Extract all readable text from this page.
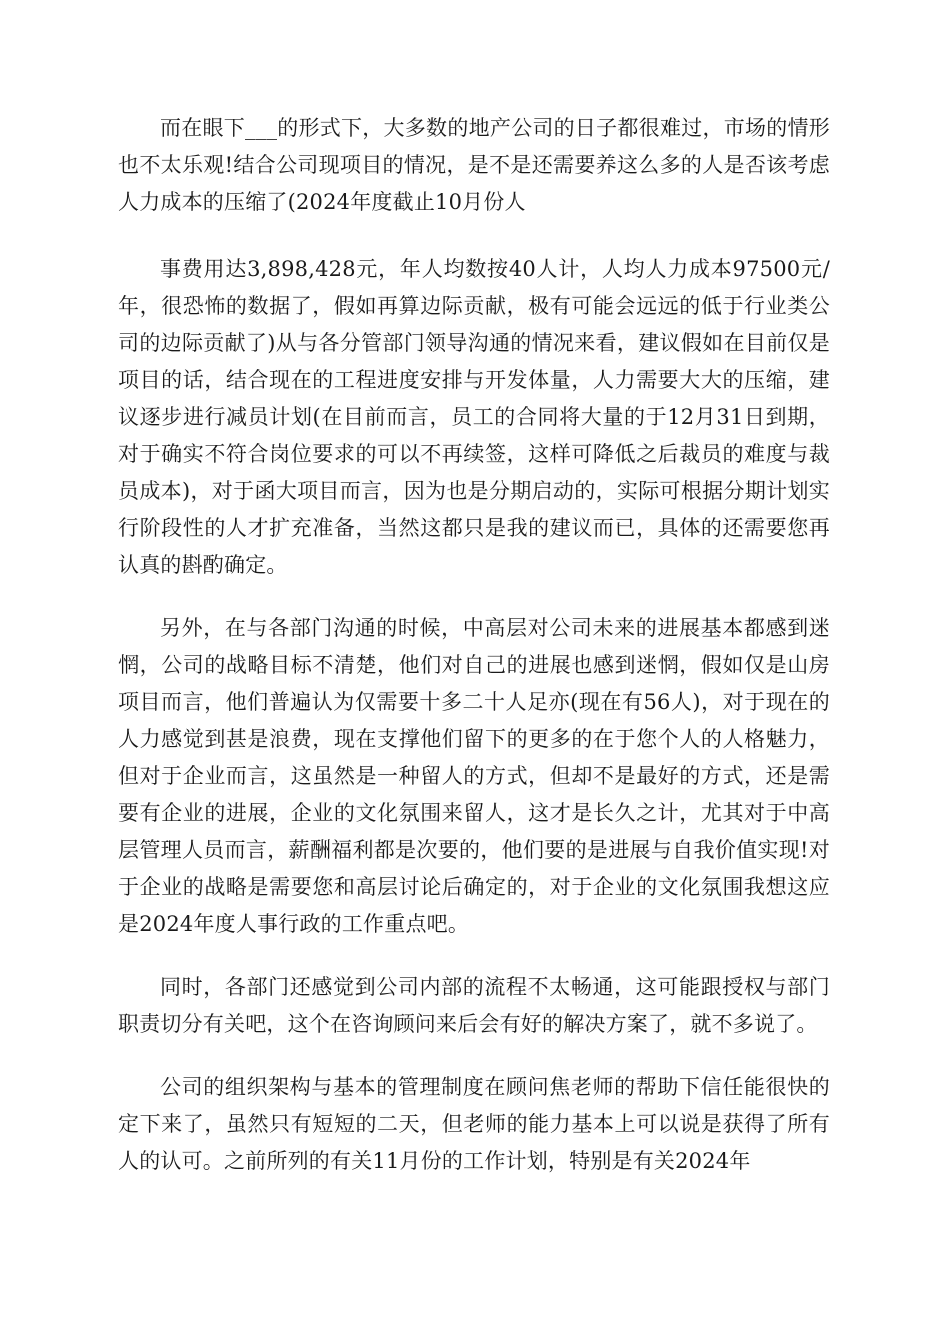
而在眼下___的形式下，大多数的地产公司的日子都很难过，市场的情形也不太乐观!结合公司现项目的情况，是不是还需要养这么多的人是否该考虑人力成本的压缩了(2024年度截止10月份人

事费用达3,898,428元，年人均数按40人计，人均人力成本97500元/年，很恐怖的数据了，假如再算边际贡献，极有可能会远远的低于行业类公司的边际贡献了)从与各分管部门领导沟通的情况来看，建议假如在目前仅是项目的话，结合现在的工程进度安排与开发体量，人力需要大大的压缩，建议逐步进行减员计划(在目前而言，员工的合同将大量的于12月31日到期，对于确实不符合岗位要求的可以不再续签，这样可降低之后裁员的难度与裁员成本)，对于函大项目而言，因为也是分期启动的，实际可根据分期计划实行阶段性的人才扩充准备，当然这都只是我的建议而已，具体的还需要您再认真的斟酌确定。

另外，在与各部门沟通的时候，中高层对公司未来的进展基本都感到迷惘，公司的战略目标不清楚，他们对自己的进展也感到迷惘，假如仅是山房项目而言，他们普遍认为仅需要十多二十人足亦(现在有56人)，对于现在的人力感觉到甚是浪费，现在支撑他们留下的更多的在于您个人的人格魅力，但对于企业而言，这虽然是一种留人的方式，但却不是最好的方式，还是需要有企业的进展，企业的文化氛围来留人，这才是长久之计，尤其对于中高层管理人员而言，薪酬福利都是次要的，他们要的是进展与自我价值实现!对于企业的战略是需要您和高层讨论后确定的，对于企业的文化氛围我想这应是2024年度人事行政的工作重点吧。

同时，各部门还感觉到公司内部的流程不太畅通，这可能跟授权与部门职责切分有关吧，这个在咨询顾问来后会有好的解决方案了，就不多说了。

公司的组织架构与基本的管理制度在顾问焦老师的帮助下信任能很快的定下来了，虽然只有短短的二天，但老师的能力基本上可以说是获得了所有人的认可。之前所列的有关11月份的工作计划，特别是有关2024年
